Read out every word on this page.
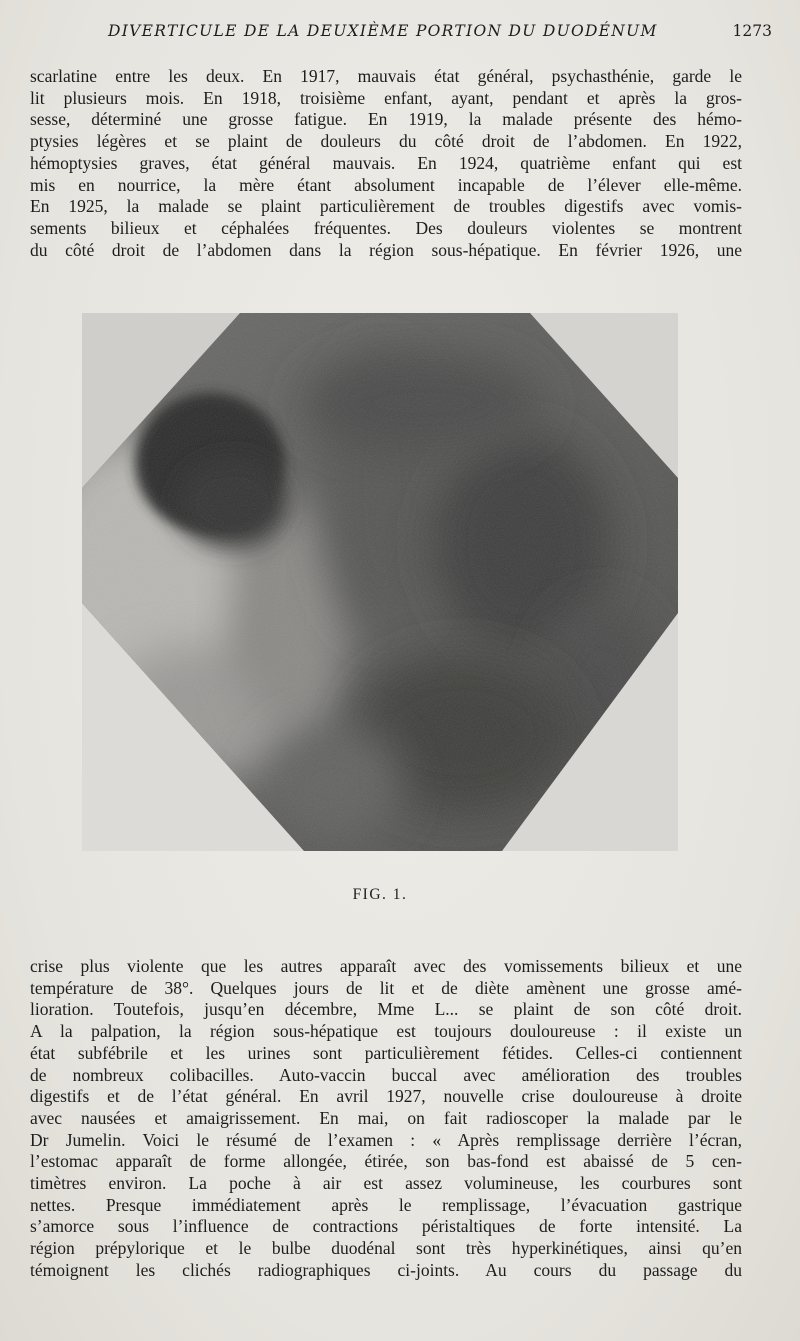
DIVERTICULE DE LA DEUXIÈME PORTION DU DUODÉNUM	1273
scarlatine entre les deux. En 1917, mauvais état général, psychasthénie, garde le
lit plusieurs mois. En 1918, troisième enfant, ayant, pendant et après la gros-
sesse, déterminé une grosse fatigue. En 1919, la malade présente des hémo-
ptysies légères et se plaint de douleurs du côté droit de l’abdomen. En 1922,
hémoptysies graves, état général mauvais. En 1924, quatrième enfant qui est
mis en nourrice, la mère étant absolument incapable de l’élever elle-même.
En 1925, la malade se plaint particulièrement de troubles digestifs avec vomis-
sements bilieux et céphalées fréquentes. Des douleurs violentes se montrent
du côté droit de l’abdomen dans la région sous-hépatique. En février 1926, une
FIG. 1.
crise plus violente que les autres apparaît avec des vomissements bilieux et une
température de 38°. Quelques jours de lit et de diète amènent une grosse amé-
lioration. Toutefois, jusqu’en décembre, Mme L... se plaint de son côté droit.
A la palpation, la région sous-hépatique est toujours douloureuse : il existe un
état subfébrile et les urines sont particulièrement fétides. Celles-ci contiennent
de nombreux colibacilles. Auto-vaccin buccal avec amélioration des troubles
digestifs et de l’état général. En avril 1927, nouvelle crise douloureuse à droite
avec nausées et amaigrissement. En mai, on fait radioscoper la malade par le
Dr Jumelin. Voici le résumé de l’examen : « Après remplissage derrière l’écran,
l’estomac apparaît de forme allongée, étirée, son bas-fond est abaissé de 5 cen-
timètres environ. La poche à air est assez volumineuse, les courbures sont
nettes. Presque immédiatement après le remplissage, l’évacuation gastrique
s’amorce sous l’influence de contractions péristaltiques de forte intensité. La
région prépylorique et le bulbe duodénal sont très hyperkinétiques, ainsi qu’en
témoignent les clichés radiographiques ci-joints. Au cours du passage du
